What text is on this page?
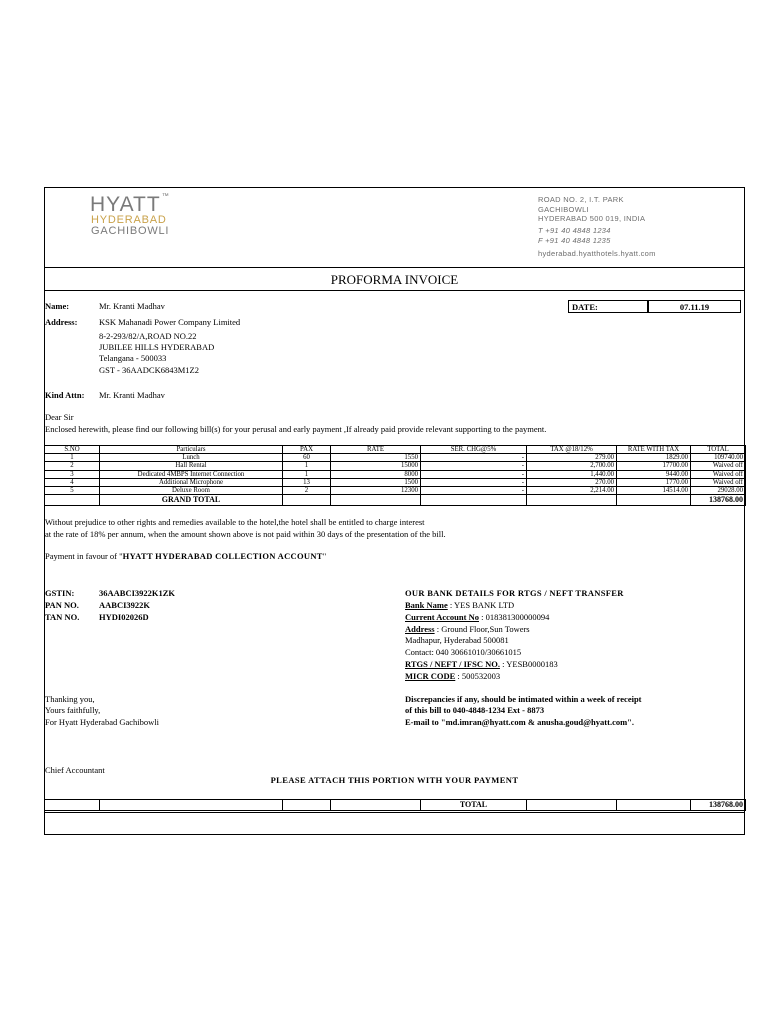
HYATT™
HYDERABAD
GACHIBOWLI
ROAD NO. 2, I.T. PARK
GACHIBOWLI
HYDERABAD 500 019, INDIA
T +91 40 4848 1234
F +91 40 4848 1235
hyderabad.hyatthotels.hyatt.com
PROFORMA INVOICE
Name:	Mr. Kranti Madhav
Address:	KSK Mahanadi Power Company Limited
8-2-293/82/A,ROAD NO.22
JUBILEE HILLS HYDERABAD
Telangana - 500033
GST - 36AADCK6843M1Z2
Kind Attn: Mr. Kranti Madhav
DATE:	07.11.19
Dear Sir
Enclosed herewith, please find our following bill(s) for your perusal and early payment ,If already paid provide relevant supporting to the payment.
S.NO	Particulars	PAX	RATE	SER. CHG@5%	TAX @18/12%	RATE WITH TAX	TOTAL
1	Lunch	60	1550	-	279.00	1829.00	109740.00
2	Hall Rental	1	15000	-	2,700.00	17700.00	Waived off
3	Dedicated 4MBPS Internet Connection	1	8000	-	1,440.00	9440.00	Waived off
4	Additional Microphone	13	1500	-	270.00	1770.00	Waived off
5	Deluxe Room	2	12300	-	2,214.00	14514.00	29028.00
	GRAND TOTAL						138768.00
Without prejudice to other rights and remedies available to the hotel,the hotel shall be entitled to charge interest
at the rate of 18% per annum, when the amount shown above is not paid within 30 days of the presentation of the bill.
Payment in favour of "HYATT HYDERABAD COLLECTION ACCOUNT"
GSTIN:	36AABCI3922K1ZK
PAN NO. AABCI3922K
TAN NO. HYDI02026D
OUR BANK DETAILS FOR RTGS / NEFT TRANSFER
Bank Name : YES BANK LTD
Current Account No : 018381300000094
Address : Ground Floor,Sun Towers
Madhapur, Hyderabad 500081
Contact: 040 30661010/30661015
RTGS / NEFT / IFSC NO. : YESB0000183
MICR CODE : 500532003
Thanking you,
Yours faithfully,
For Hyatt Hyderabad Gachibowli
Chief Accountant
Discrepancies if any, should be intimated within a week of receipt
of this bill to 040-4848-1234 Ext - 8873
E-mail to "md.imran@hyatt.com & anusha.goud@hyatt.com".
PLEASE ATTACH THIS PORTION WITH YOUR PAYMENT
				TOTAL			138768.00
